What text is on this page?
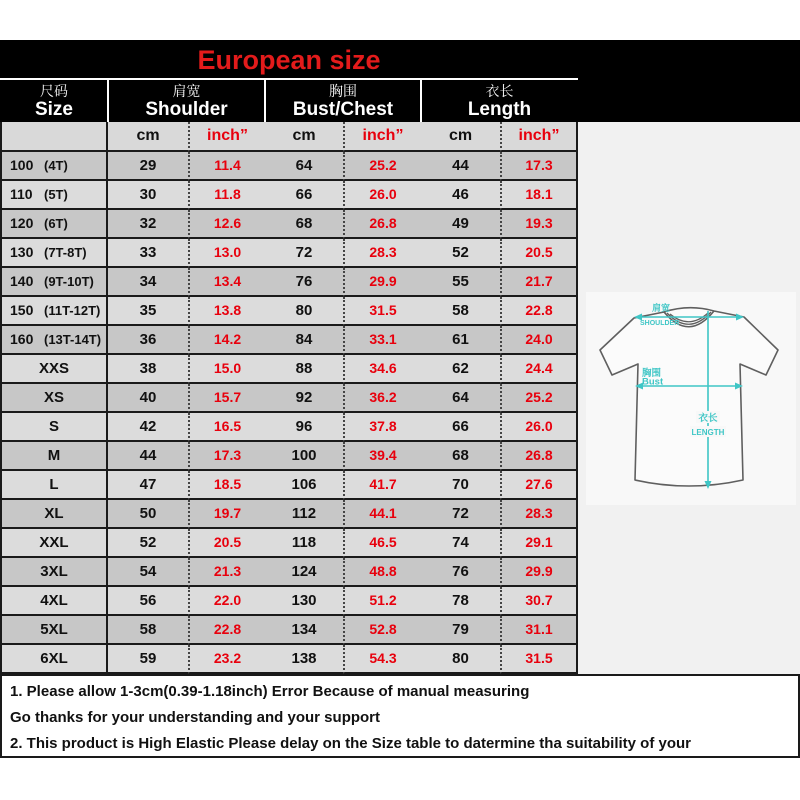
European size
尺码
Size
肩宽
Shoulder
胸围
Bust/Chest
衣长
Length
cm	inch”	cm	inch”	cm	inch”
100 (4T)	29	11.4	64	25.2	44	17.3
110 (5T)	30	11.8	66	26.0	46	18.1
120 (6T)	32	12.6	68	26.8	49	19.3
130 (7T-8T)	33	13.0	72	28.3	52	20.5
140 (9T-10T)	34	13.4	76	29.9	55	21.7
150 (11T-12T)	35	13.8	80	31.5	58	22.8
160 (13T-14T)	36	14.2	84	33.1	61	24.0
XXS	38	15.0	88	34.6	62	24.4
XS	40	15.7	92	36.2	64	25.2
S	42	16.5	96	37.8	66	26.0
M	44	17.3	100	39.4	68	26.8
L	47	18.5	106	41.7	70	27.6
XL	50	19.7	112	44.1	72	28.3
XXL	52	20.5	118	46.5	74	29.1
3XL	54	21.3	124	48.8	76	29.9
4XL	56	22.0	130	51.2	78	30.7
5XL	58	22.8	134	52.8	79	31.1
6XL	59	23.2	138	54.3	80	31.5
肩宽
SHOULDER
胸围
Bust
衣长
LENGTH
1. Please allow 1-3cm(0.39-1.18inch) Error Because of manual measuring
Go thanks for your understanding and your support
2. This product is High Elastic Please delay on the Size table to datermine tha suitability of your
